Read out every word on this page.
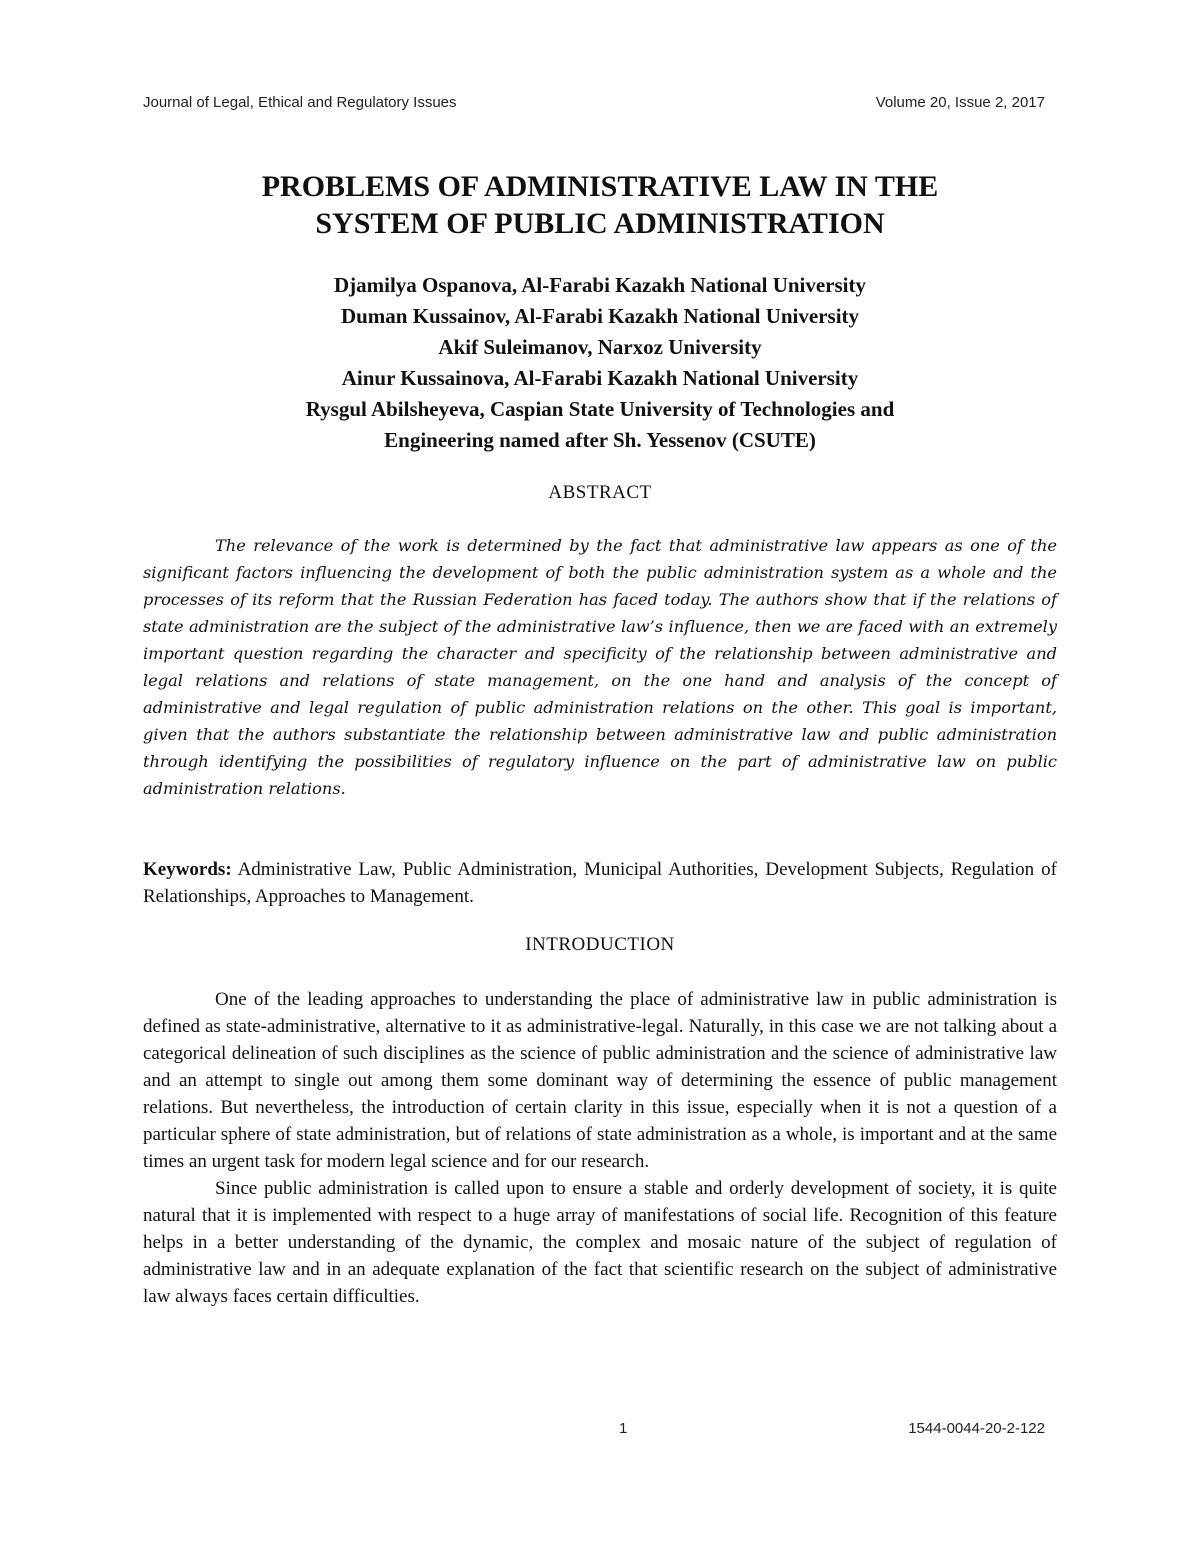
Journal of Legal, Ethical and Regulatory Issues	Volume 20, Issue 2, 2017
PROBLEMS OF ADMINISTRATIVE LAW IN THE
SYSTEM OF PUBLIC ADMINISTRATION
Djamilya Ospanova, Al-Farabi Kazakh National University
Duman Kussainov, Al-Farabi Kazakh National University
Akif Suleimanov, Narxoz University
Ainur Kussainova, Al-Farabi Kazakh National University
Rysgul Abilsheyeva, Caspian State University of Technologies and
Engineering named after Sh. Yessenov (CSUTE)
ABSTRACT

The relevance of the work is determined by the fact that administrative law appears as one of the significant factors influencing the development of both the public administration system as a whole and the processes of its reform that the Russian Federation has faced today. The authors show that if the relations of state administration are the subject of the administrative law’s influence, then we are faced with an extremely important question regarding the character and specificity of the relationship between administrative and legal relations and relations of state management, on the one hand and analysis of the concept of administrative and legal regulation of public administration relations on the other. This goal is important, given that the authors substantiate the relationship between administrative law and public administration through identifying the possibilities of regulatory influence on the part of administrative law on public administration relations.

Keywords: Administrative Law, Public Administration, Municipal Authorities, Development Subjects, Regulation of Relationships, Approaches to Management.

INTRODUCTION

One of the leading approaches to understanding the place of administrative law in public administration is defined as state-administrative, alternative to it as administrative-legal. Naturally, in this case we are not talking about a categorical delineation of such disciplines as the science of public administration and the science of administrative law and an attempt to single out among them some dominant way of determining the essence of public management relations. But nevertheless, the introduction of certain clarity in this issue, especially when it is not a question of a particular sphere of state administration, but of relations of state administration as a whole, is important and at the same times an urgent task for modern legal science and for our research.

Since public administration is called upon to ensure a stable and orderly development of society, it is quite natural that it is implemented with respect to a huge array of manifestations of social life. Recognition of this feature helps in a better understanding of the dynamic, the complex and mosaic nature of the subject of regulation of administrative law and in an adequate explanation of the fact that scientific research on the subject of administrative law always faces certain difficulties.

1	1544-0044-20-2-122
